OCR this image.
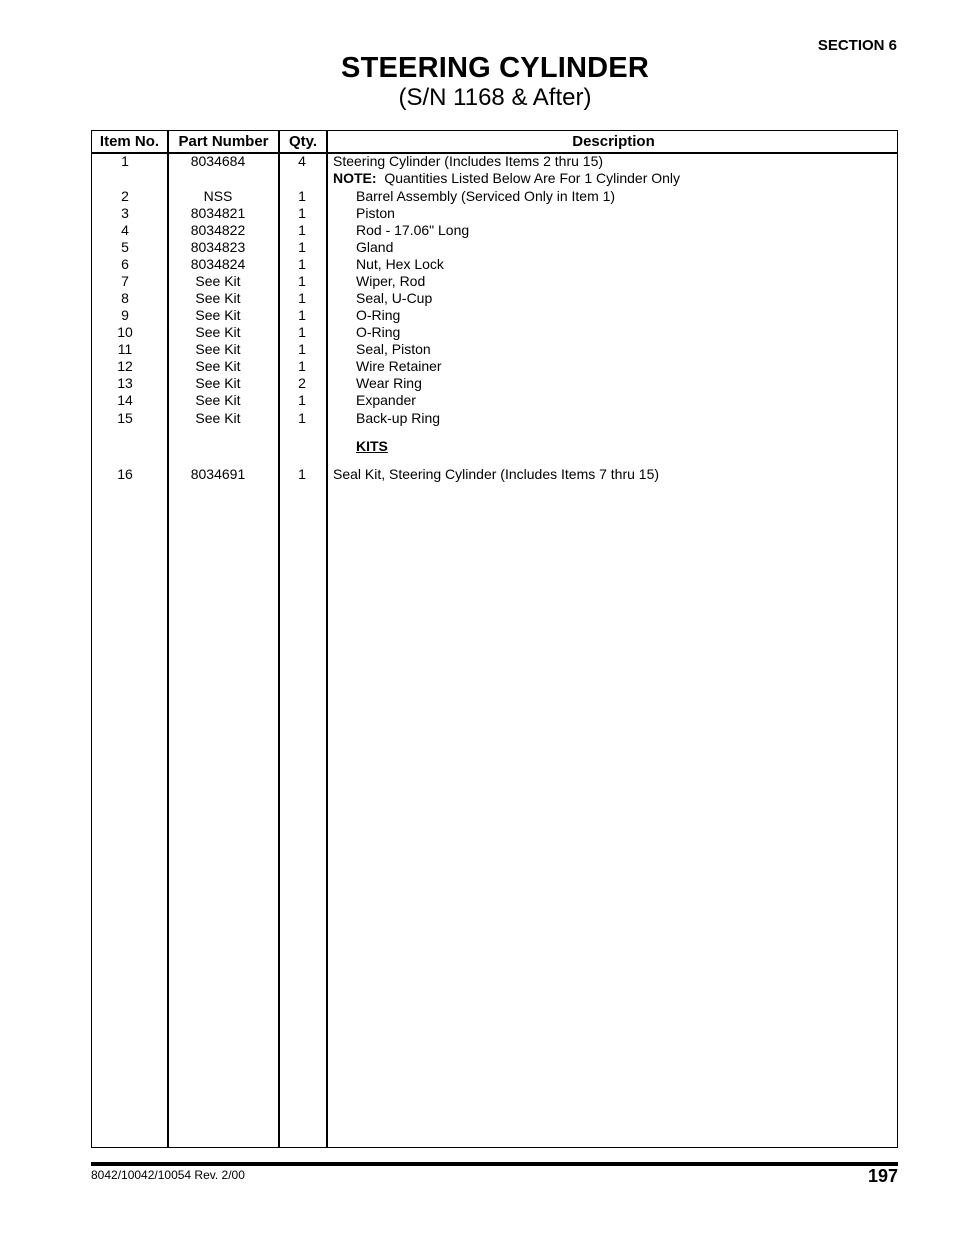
SECTION 6
STEERING CYLINDER
(S/N 1168 & After)
Item No.	Part Number	Qty.	Description
1	8034684	4	Steering Cylinder (Includes Items 2 thru 15)
NOTE: Quantities Listed Below Are For 1 Cylinder Only
2	NSS	1	Barrel Assembly (Serviced Only in Item 1)
3	8034821	1	Piston
4	8034822	1	Rod - 17.06" Long
5	8034823	1	Gland
6	8034824	1	Nut, Hex Lock
7	See Kit	1	Wiper, Rod
8	See Kit	1	Seal, U-Cup
9	See Kit	1	O-Ring
10	See Kit	1	O-Ring
11	See Kit	1	Seal, Piston
12	See Kit	1	Wire Retainer
13	See Kit	2	Wear Ring
14	See Kit	1	Expander
15	See Kit	1	Back-up Ring
KITS
16	8034691	1	Seal Kit, Steering Cylinder (Includes Items 7 thru 15)
8042/10042/10054 Rev. 2/00	197
